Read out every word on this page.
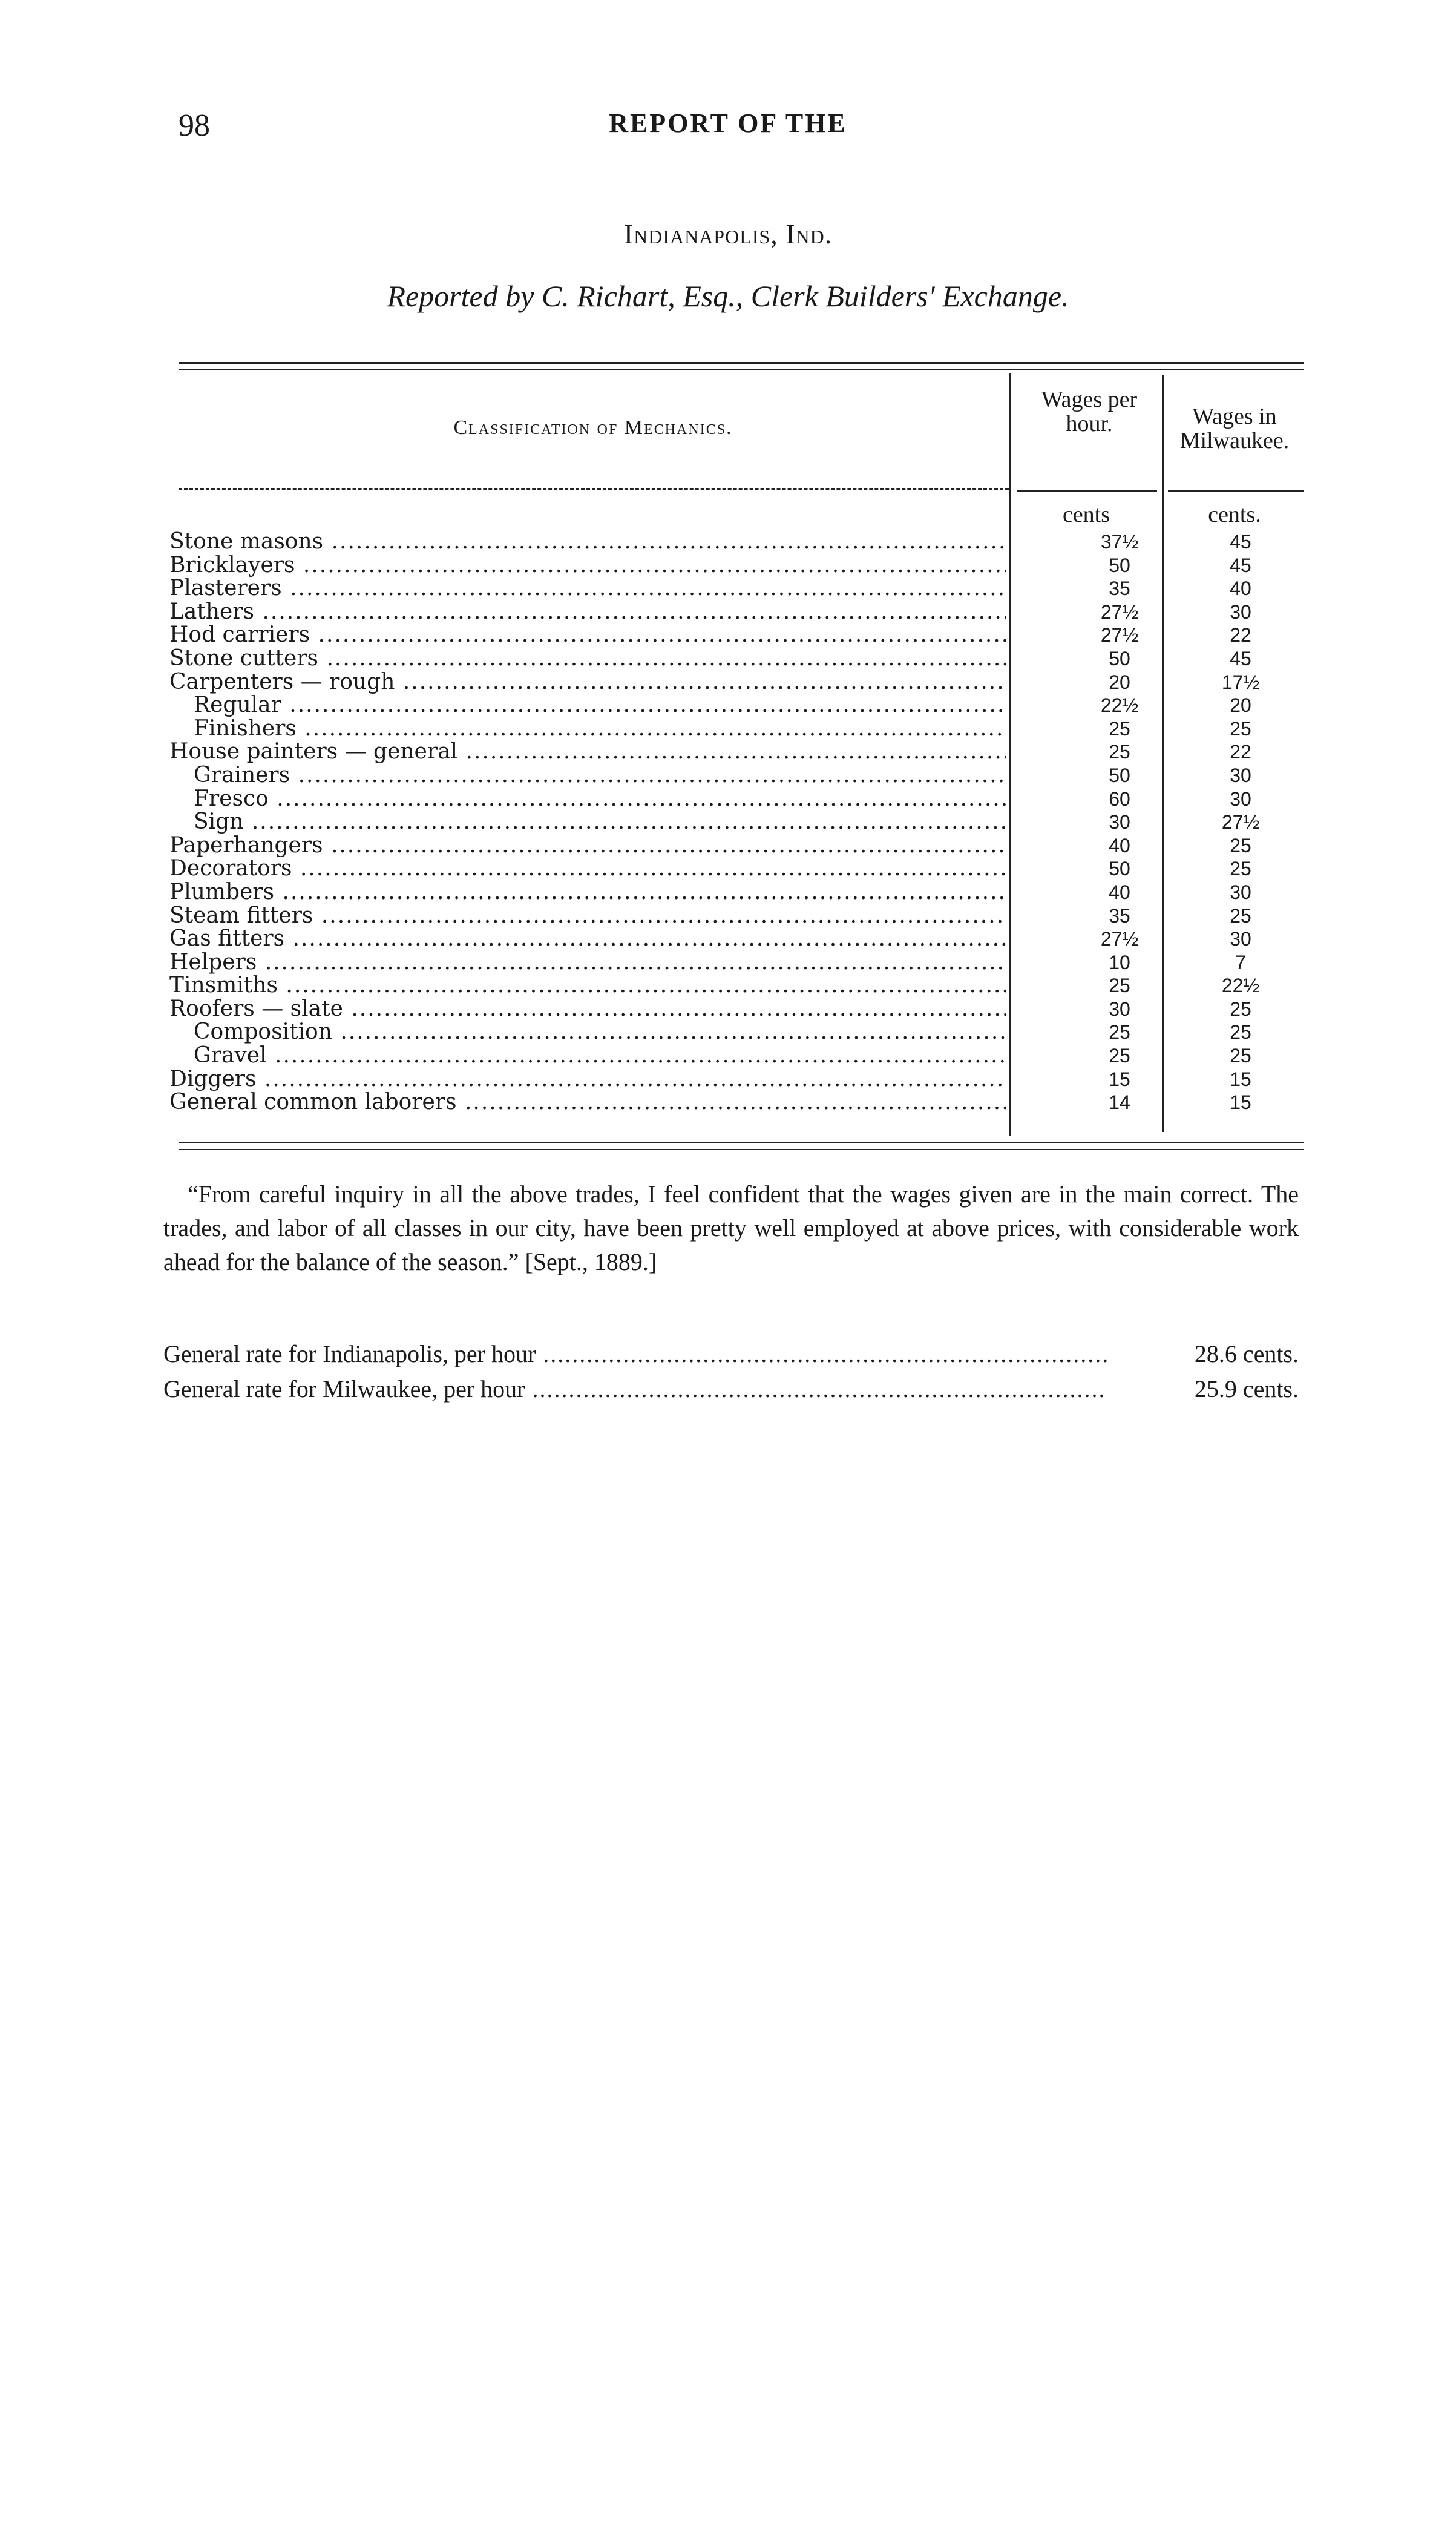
98	REPORT OF THE
Indianapolis, Ind.
Reported by C. Richart, Esq., Clerk Builders' Exchange.
Classification of Mechanics.
Wages per hour.	Wages in Milwaukee.
cents	cents.
Stone masons .....	37½	45
Bricklayers .....	50	45
Plasterers .....	35	40
Lathers .....	27½	30
Hod carriers .....	27½	22
Stone cutters .....	50	45
Carpenters — rough .....	20	17½
Regular .....	22½	20
Finishers .....	25	25
House painters — general .....	25	22
Grainers .....	50	30
Fresco .....	60	30
Sign .....	30	27½
Paperhangers .....	40	25
Decorators .....	50	25
Plumbers .....	40	30
Steam fitters .....	35	25
Gas fitters .....	27½	30
Helpers .....	10	7
Tinsmiths .....	25	22½
Roofers — slate .....	30	25
Composition .....	25	25
Gravel .....	25	25
Diggers .....	15	15
General common laborers .....	14	15
“From careful inquiry in all the above trades, I feel confident that the wages given are in the main correct. The trades, and labor of all classes in our city, have been pretty well employed at above prices, with considerable work ahead for the balance of the season.” [Sept., 1889.]
General rate for Indianapolis, per hour .....	28.6 cents.
General rate for Milwaukee, per hour .....	25.9 cents.
